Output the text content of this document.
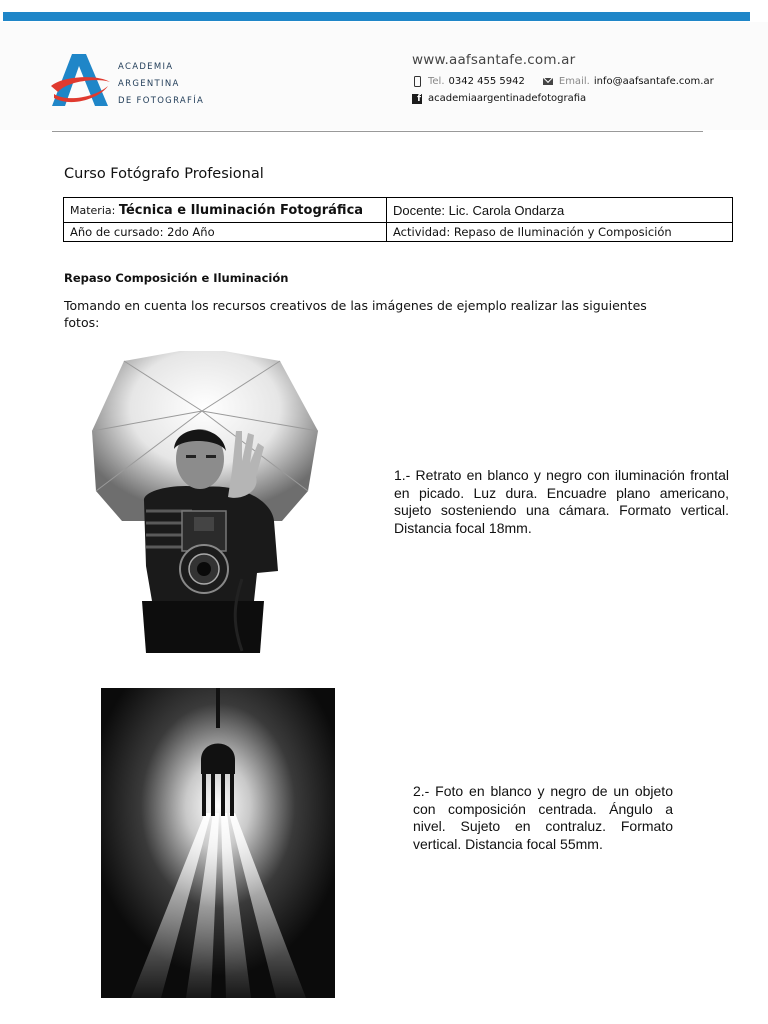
ACADEMIA
ARGENTINA
DE FOTOGRAFÍA
www.aafsantafe.com.ar
Tel. 0342 455 5942	Email. info@aafsantafe.com.ar
f academiaargentinadefotografia
Curso Fotógrafo Profesional
Materia: Técnica e Iluminación Fotográfica	Docente: Lic. Carola Ondarza
Año de cursado: 2do Año	Actividad: Repaso de Iluminación y Composición
Repaso Composición e Iluminación
Tomando en cuenta los recursos creativos de las imágenes de ejemplo realizar las siguientes fotos:
1.- Retrato en blanco y negro con iluminación frontal en picado. Luz dura. Encuadre plano americano, sujeto sosteniendo una cámara. Formato vertical. Distancia focal 18mm.
2.- Foto en blanco y negro de un objeto con composición centrada. Ángulo a nivel. Sujeto en contraluz. Formato vertical. Distancia focal 55mm.
